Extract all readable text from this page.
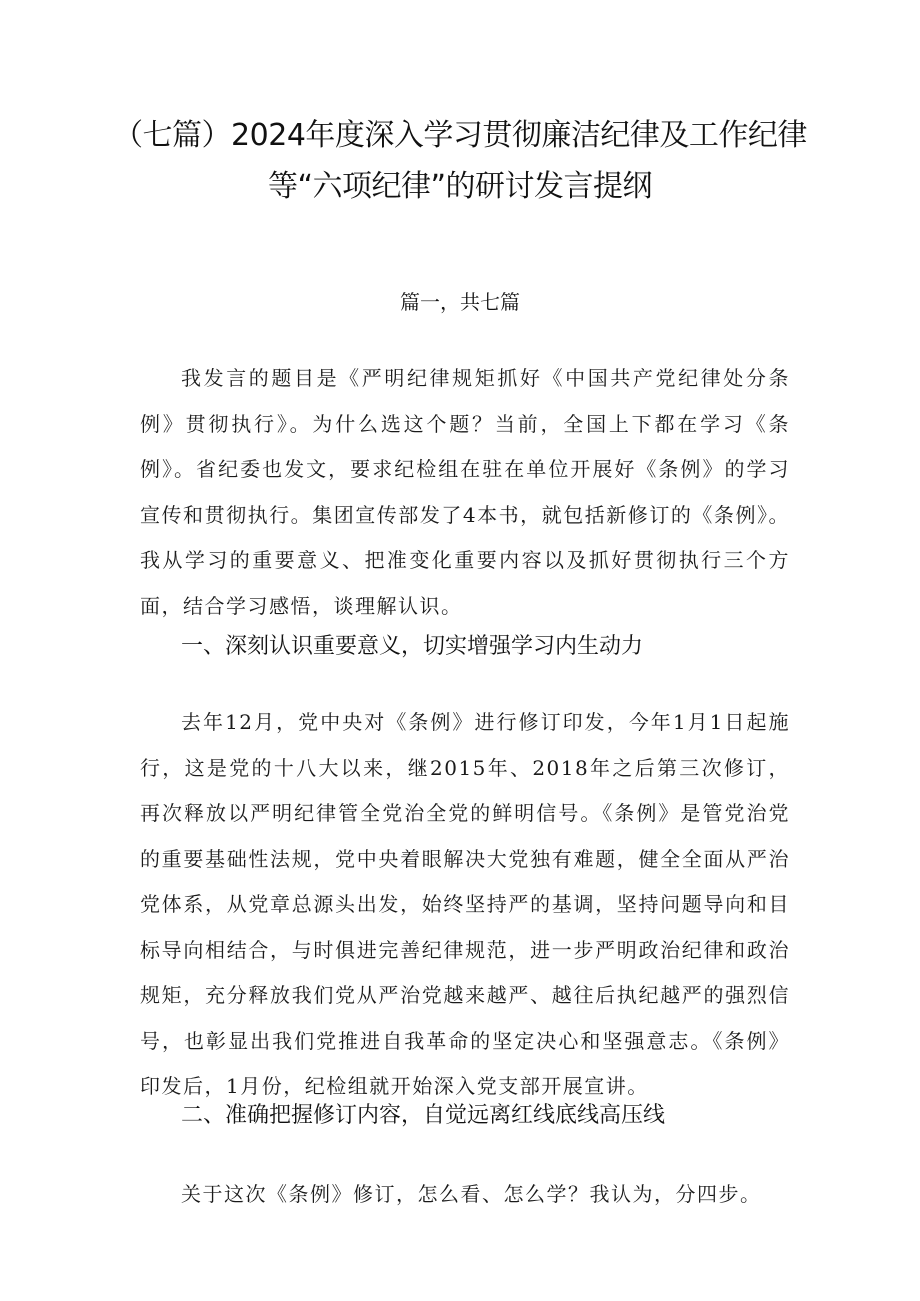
（七篇）2024年度深入学习贯彻廉洁纪律及工作纪律
等“六项纪律”的研讨发言提纲
篇一，共七篇

我发言的题目是《严明纪律规矩抓好《中国共产党纪律处分条例》贯彻执行》。为什么选这个题？当前，全国上下都在学习《条例》。省纪委也发文，要求纪检组在驻在单位开展好《条例》的学习宣传和贯彻执行。集团宣传部发了4本书，就包括新修订的《条例》。我从学习的重要意义、把准变化重要内容以及抓好贯彻执行三个方面，结合学习感悟，谈理解认识。

一、深刻认识重要意义，切实增强学习内生动力

去年12月，党中央对《条例》进行修订印发，今年1月1日起施行，这是党的十八大以来，继2015年、2018年之后第三次修订，再次释放以严明纪律管全党治全党的鲜明信号。《条例》是管党治党的重要基础性法规，党中央着眼解决大党独有难题，健全全面从严治党体系，从党章总源头出发，始终坚持严的基调，坚持问题导向和目标导向相结合，与时俱进完善纪律规范，进一步严明政治纪律和政治规矩，充分释放我们党从严治党越来越严、越往后执纪越严的强烈信号，也彰显出我们党推进自我革命的坚定决心和坚强意志。《条例》印发后，1月份，纪检组就开始深入党支部开展宣讲。

二、准确把握修订内容，自觉远离红线底线高压线

关于这次《条例》修订，怎么看、怎么学？我认为，分四步。
